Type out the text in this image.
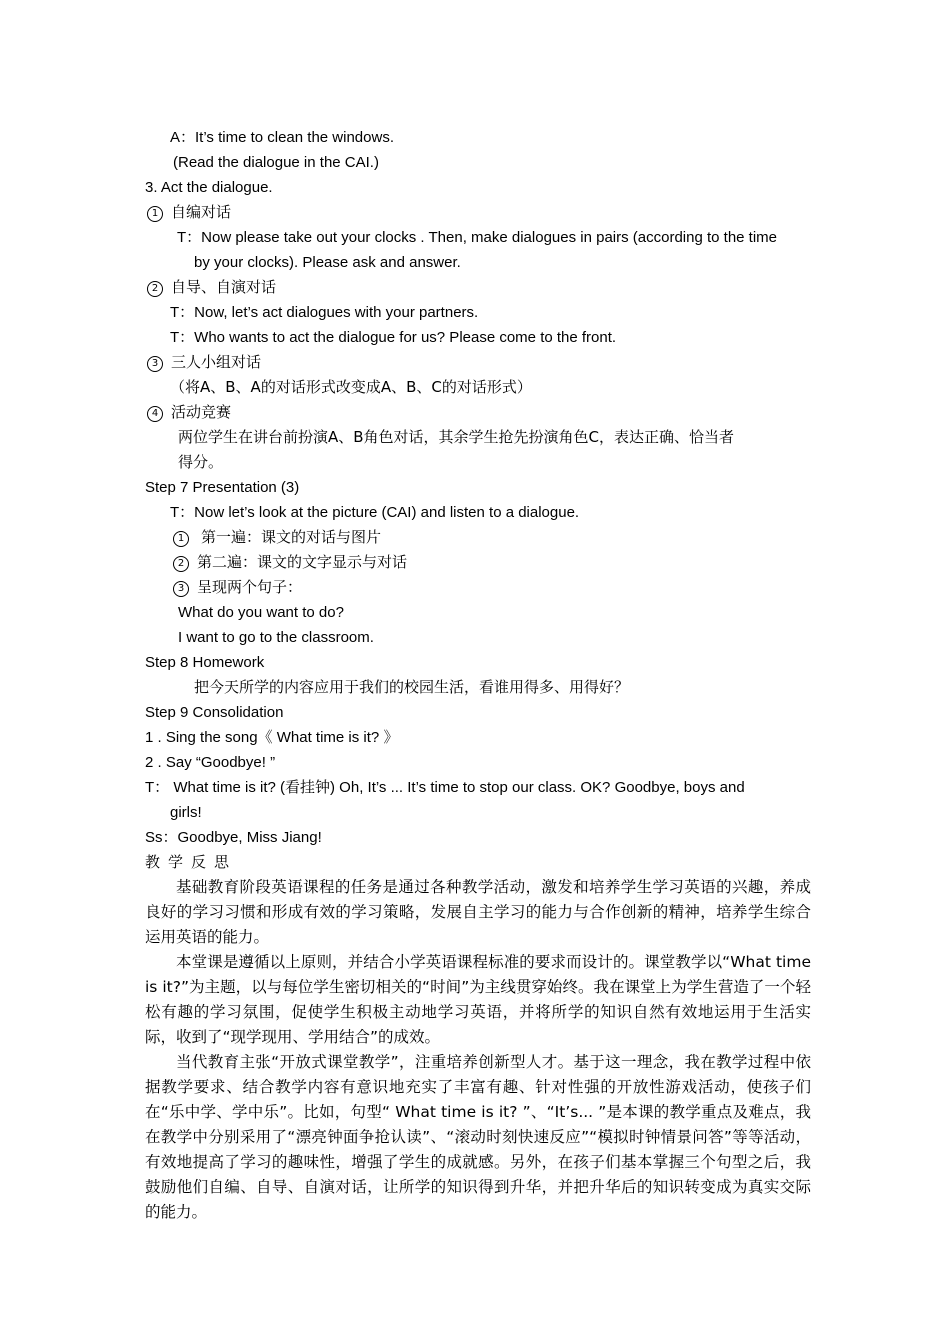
A：It’s time to clean the windows.
(Read the dialogue in the CAI.)
3. Act the dialogue.
1 自编对话
T：Now please take out your clocks . Then, make dialogues in pairs (according to the time
by your clocks). Please ask and answer.
2 自导、自演对话
T：Now, let’s act dialogues with your partners.
T：Who wants to act the dialogue for us? Please come to the front.
3 三人小组对话
（将A、B、A的对话形式改变成A、B、C的对话形式）
4 活动竞赛
两位学生在讲台前扮演A、B角色对话，其余学生抢先扮演角色C，表达正确、恰当者
得分。
Step 7 Presentation (3)
T：Now let’s look at the picture (CAI) and listen to a dialogue.
1 第一遍：课文的对话与图片
2 第二遍：课文的文字显示与对话
3 呈现两个句子：
What do you want to do?
I want to go to the classroom.
Step 8 Homework
把今天所学的内容应用于我们的校园生活，看谁用得多、用得好？
Step 9 Consolidation
1 . Sing the song《 What time is it? 》
2 . Say “Goodbye! ”
T： What time is it? (看挂钟) Oh, It’s ... It’s time to stop our class. OK? Goodbye, boys and
girls!
Ss：Goodbye, Miss Jiang!
教学反思
基础教育阶段英语课程的任务是通过各种教学活动，激发和培养学生学习英语的兴趣，养成良好的学习习惯和形成有效的学习策略，发展自主学习的能力与合作创新的精神，培养学生综合运用英语的能力。
本堂课是遵循以上原则，并结合小学英语课程标准的要求而设计的。课堂教学以“What time is it?”为主题，以与每位学生密切相关的“时间”为主线贯穿始终。我在课堂上为学生营造了一个轻松有趣的学习氛围，促使学生积极主动地学习英语，并将所学的知识自然有效地运用于生活实际，收到了“现学现用、学用结合”的成效。
当代教育主张“开放式课堂教学”，注重培养创新型人才。基于这一理念，我在教学过程中依据教学要求、结合教学内容有意识地充实了丰富有趣、针对性强的开放性游戏活动，使孩子们在“乐中学、学中乐”。比如，句型“ What time is it? ”、“It’s... ”是本课的教学重点及难点，我在教学中分别采用了“漂亮钟面争抢认读”、“滚动时刻快速反应”“模拟时钟情景问答”等等活动，有效地提高了学习的趣味性，增强了学生的成就感。另外，在孩子们基本掌握三个句型之后，我鼓励他们自编、自导、自演对话，让所学的知识得到升华，并把升华后的知识转变成为真实交际的能力。
